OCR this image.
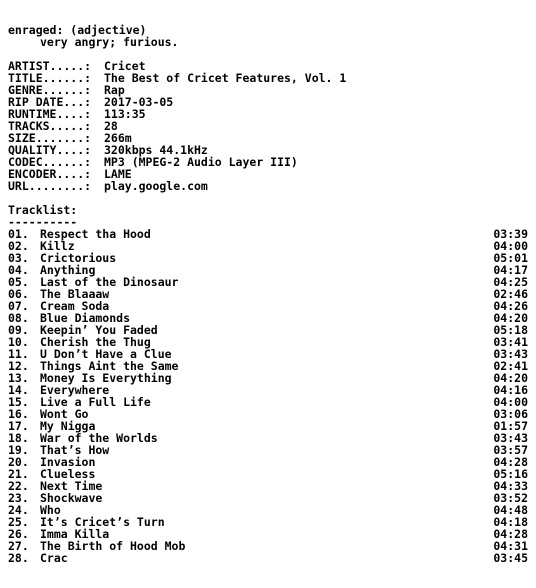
enraged: (adjective)
very angry; furious.
ARTIST.....:	Cricet
TITLE......:	The Best of Cricet Features, Vol. 1
GENRE......:	Rap
RIP DATE...:	2017-03-05
RUNTIME....:	113:35
TRACKS.....:	28
SIZE.......:	266m
QUALITY....:	320kbps 44.1kHz
CODEC......:	MP3 (MPEG-2 Audio Layer III)
ENCODER....:	LAME
URL........:	play.google.com
Tracklist:
----------
01. Respect tha Hood	03:39
02. Killz	04:00
03. Crictorious	05:01
04. Anything	04:17
05. Last of the Dinosaur	04:25
06. The Blaaaw	02:46
07. Cream Soda	04:26
08. Blue Diamonds	04:20
09. Keepin’ You Faded	05:18
10. Cherish the Thug	03:41
11. U Don’t Have a Clue	03:43
12. Things Aint the Same	02:41
13. Money Is Everything	04:20
14. Everywhere	04:16
15. Live a Full Life	04:00
16. Wont Go	03:06
17. My Nigga	01:57
18. War of the Worlds	03:43
19. That’s How	03:57
20. Invasion	04:28
21. Clueless	05:16
22. Next Time	04:33
23. Shockwave	03:52
24. Who	04:48
25. It’s Cricet’s Turn	04:18
26. Imma Killa	04:28
27. The Birth of Hood Mob	04:31
28. Crac	03:45
